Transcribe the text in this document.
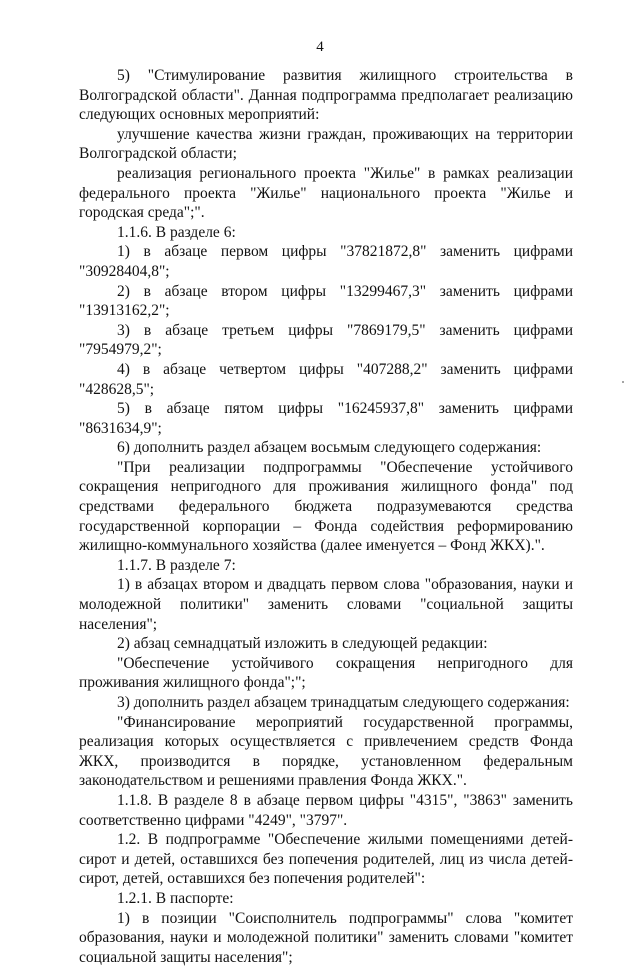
4

5) "Стимулирование развития жилищного строительства в Волгоградской области". Данная подпрограмма предполагает реализацию следующих основных мероприятий:

улучшение качества жизни граждан, проживающих на территории Волгоградской области;

реализация регионального проекта "Жилье" в рамках реализации федерального проекта "Жилье" национального проекта "Жилье и городская среда";".

1.1.6. В разделе 6:

1) в абзаце первом цифры "37821872,8" заменить цифрами "30928404,8";

2) в абзаце втором цифры "13299467,3" заменить цифрами "13913162,2";

3) в абзаце третьем цифры "7869179,5" заменить цифрами "7954979,2";

4) в абзаце четвертом цифры "407288,2" заменить цифрами "428628,5";

5) в абзаце пятом цифры "16245937,8" заменить цифрами "8631634,9";

6) дополнить раздел абзацем восьмым следующего содержания:

"При реализации подпрограммы "Обеспечение устойчивого сокращения непригодного для проживания жилищного фонда" под средствами федерального бюджета подразумеваются средства государственной корпорации – Фонда содействия реформированию жилищно-коммунального хозяйства (далее именуется – Фонд ЖКХ).".

1.1.7. В разделе 7:

1) в абзацах втором и двадцать первом слова "образования, науки и молодежной политики" заменить словами "социальной защиты населения";

2) абзац семнадцатый изложить в следующей редакции:

"Обеспечение устойчивого сокращения непригодного для проживания жилищного фонда";";

3) дополнить раздел абзацем тринадцатым следующего содержания:

"Финансирование мероприятий государственной программы, реализация которых осуществляется с привлечением средств Фонда ЖКХ, производится в порядке, установленном федеральным законодательством и решениями правления Фонда ЖКХ.".

1.1.8. В разделе 8 в абзаце первом цифры "4315", "3863" заменить соответственно цифрами "4249", "3797".

1.2. В подпрограмме "Обеспечение жилыми помещениями детей-сирот и детей, оставшихся без попечения родителей, лиц из числа детей-сирот, детей, оставшихся без попечения родителей":

1.2.1. В паспорте:

1) в позиции "Соисполнитель подпрограммы" слова "комитет образования, науки и молодежной политики" заменить словами "комитет социальной защиты населения";
